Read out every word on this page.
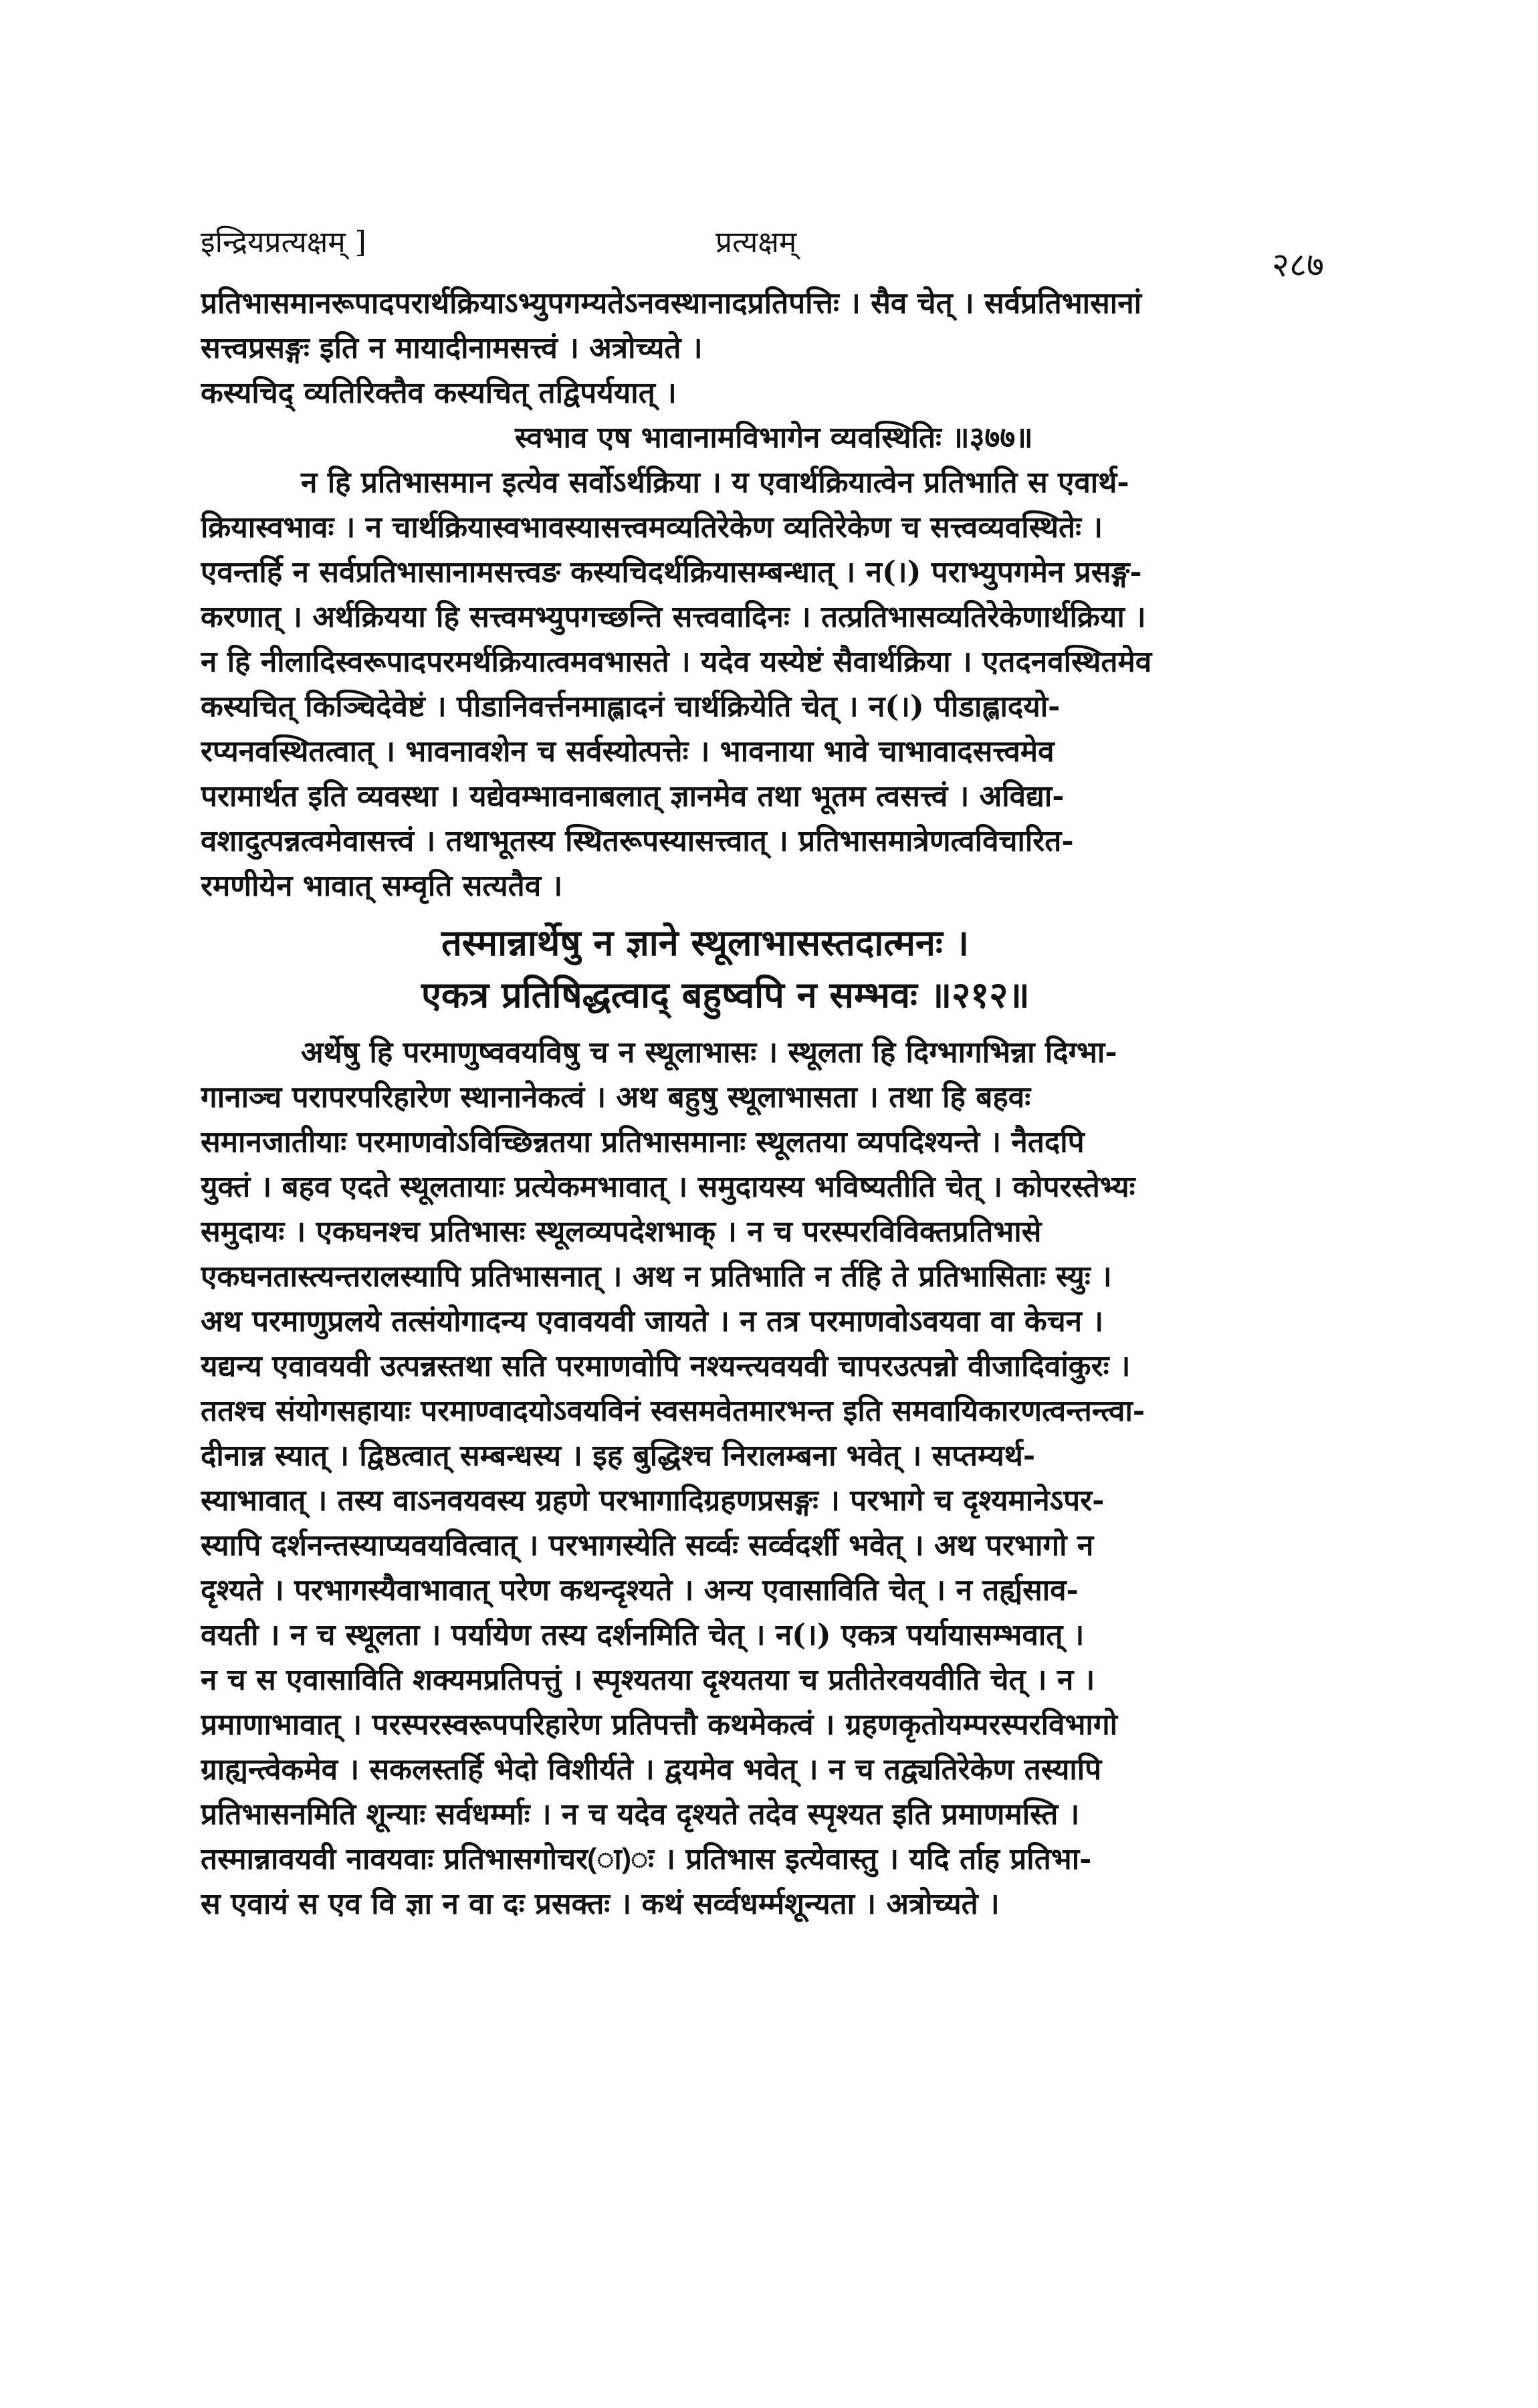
इन्द्रियप्रत्यक्षम् ]	प्रत्यक्षम्
२८७
प्रतिभासमानरूपादपरार्थक्रियाऽभ्युपगम्यतेऽनवस्थानादप्रतिपत्तिः । सैव चेत् । सर्वप्रतिभासानां
सत्त्वप्रसङ्गः इति न मायादीनामसत्त्वं । अत्रोच्यते ।
कस्यचिद् व्यतिरिक्तैव कस्यचित् तद्विपर्ययात् ।
स्वभाव एष भावानामविभागेन व्यवस्थितिः ॥३७७॥
न हि प्रतिभासमान इत्येव सर्वोऽर्थक्रिया । य एवार्थक्रियात्वेन प्रतिभाति स एवार्थ-
क्रियास्वभावः । न चार्थक्रियास्वभावस्यासत्त्वमव्यतिरेकेण व्यतिरेकेण च सत्त्वव्यवस्थितेः ।
एवन्तर्हि न सर्वप्रतिभासानामसत्त्वङ कस्यचिदर्थक्रियासम्बन्धात् । न(।) पराभ्युपगमेन प्रसङ्ग-
करणात् । अर्थक्रियया हि सत्त्वमभ्युपगच्छन्ति सत्त्ववादिनः । तत्प्रतिभासव्यतिरेकेणार्थक्रिया ।
न हि नीलादिस्वरूपादपरमर्थक्रियात्वमवभासते । यदेव यस्येष्टं सैवार्थक्रिया । एतदनवस्थितमेव
कस्यचित् किञ्चिदेवेष्टं । पीडानिवर्त्तनमाह्लादनं चार्थक्रियेति चेत् । न(।) पीडाह्लादयो-
रप्यनवस्थितत्वात् । भावनावशेन च सर्वस्योत्पत्तेः । भावनाया भावे चाभावादसत्त्वमेव
परामार्थत इति व्यवस्था । यद्येवम्भावनाबलात् ज्ञानमेव तथा भूतम त्वसत्त्वं । अविद्या-
वशादुत्पन्नत्वमेवासत्त्वं । तथाभूतस्य स्थितरूपस्यासत्त्वात् । प्रतिभासमात्रेणत्वविचारित-
रमणीयेन भावात् सम्वृति सत्यतैव ।
तस्मान्नार्थेषु न ज्ञाने स्थूलाभासस्तदात्मनः ।
एकत्र प्रतिषिद्धत्वाद् बहुष्वपि न सम्भवः ॥२१२॥
अर्थेषु हि परमाणुष्ववयविषु च न स्थूलाभासः । स्थूलता हि दिग्भागभिन्ना दिग्भा-
गानाञ्च परापरपरिहारेण स्थानानेकत्वं । अथ बहुषु स्थूलाभासता । तथा हि बहवः
समानजातीयाः परमाणवोऽविच्छिन्नतया प्रतिभासमानाः स्थूलतया व्यपदिश्यन्ते । नैतदपि
युक्तं । बहव एदते स्थूलतायाः प्रत्येकमभावात् । समुदायस्य भविष्यतीति चेत् । कोपरस्तेभ्यः
समुदायः । एकघनश्च प्रतिभासः स्थूलव्यपदेशभाक् । न च परस्परविविक्तप्रतिभासे
एकघनतास्त्यन्तरालस्यापि प्रतिभासनात् । अथ न प्रतिभाति न र्तहि ते प्रतिभासिताः स्युः ।
अथ परमाणुप्रलये तत्संयोगादन्य एवावयवी जायते । न तत्र परमाणवोऽवयवा वा केचन ।
यद्यन्य एवावयवी उत्पन्नस्तथा सति परमाणवोपि नश्यन्त्यवयवी चापरउत्पन्नो वीजादिवांकुरः ।
ततश्च संयोगसहायाः परमाण्वादयोऽवयविनं स्वसमवेतमारभन्त इति समवायिकारणत्वन्तन्त्वा-
दीनान्न स्यात् । द्विष्ठत्वात् सम्बन्धस्य । इह बुद्धिश्च निरालम्बना भवेत् । सप्तम्यर्थ-
स्याभावात् । तस्य वाऽनवयवस्य ग्रहणे परभागादिग्रहणप्रसङ्गः । परभागे च दृश्यमानेऽपर-
स्यापि दर्शनन्तस्याप्यवयवित्वात् । परभागस्येति सर्व्वः सर्व्वदर्शी भवेत् । अथ परभागो न
दृश्यते । परभागस्यैवाभावात् परेण कथन्दृश्यते । अन्य एवासाविति चेत् । न तर्ह्यसाव-
वयती । न च स्थूलता । पर्यायेण तस्य दर्शनमिति चेत् । न(।) एकत्र पर्यायासम्भवात् ।
न च स एवासाविति शक्यमप्रतिपत्तुं । स्पृश्यतया दृश्यतया च प्रतीतेरवयवीति चेत् । न ।
प्रमाणाभावात् । परस्परस्वरूपपरिहारेण प्रतिपत्तौ कथमेकत्वं । ग्रहणकृतोयम्परस्परविभागो
ग्राह्यन्त्वेकमेव । सकलस्तर्हि भेदो विशीर्यते । द्वयमेव भवेत् । न च तद्व्यतिरेकेण तस्यापि
प्रतिभासनमिति शून्याः सर्वधर्म्माः । न च यदेव दृश्यते तदेव स्पृश्यत इति प्रमाणमस्ति ।
तस्मान्नावयवी नावयवाः प्रतिभासगोचर(ा)ः । प्रतिभास इत्येवास्तु । यदि र्ताह प्रतिभा-
स एवायं स एव वि ज्ञा न वा दः प्रसक्तः । कथं सर्व्वधर्म्मशून्यता । अत्रोच्यते ।
